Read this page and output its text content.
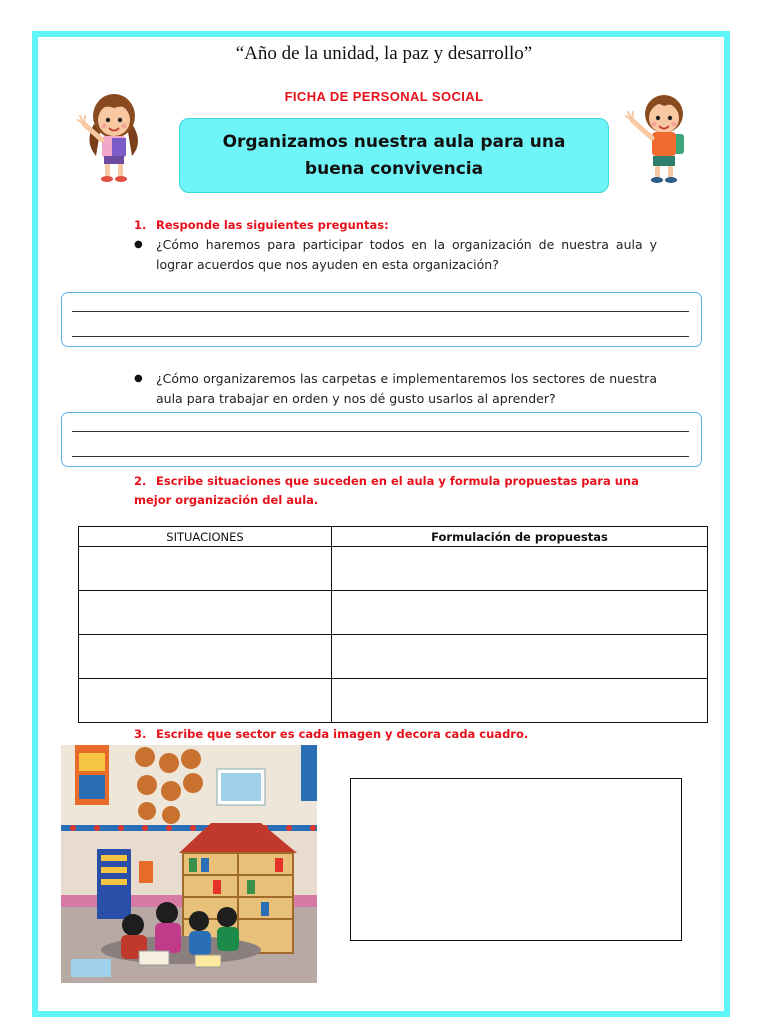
“Año de la unidad, la paz y desarrollo”
FICHA DE PERSONAL SOCIAL
Organizamos nuestra aula para una buena convivencia
1. Responde las siguientes preguntas:
● ¿Cómo haremos para participar todos en la organización de nuestra aula y lograr acuerdos que nos ayuden en esta organización?
● ¿Cómo organizaremos las carpetas e implementaremos los sectores de nuestra aula para trabajar en orden y nos dé gusto usarlos al aprender?
2. Escribe situaciones que suceden en el aula y formula propuestas para una mejor organización del aula.
SITUACIONES	Formulación de propuestas

3. Escribe que sector es cada imagen y decora cada cuadro.
